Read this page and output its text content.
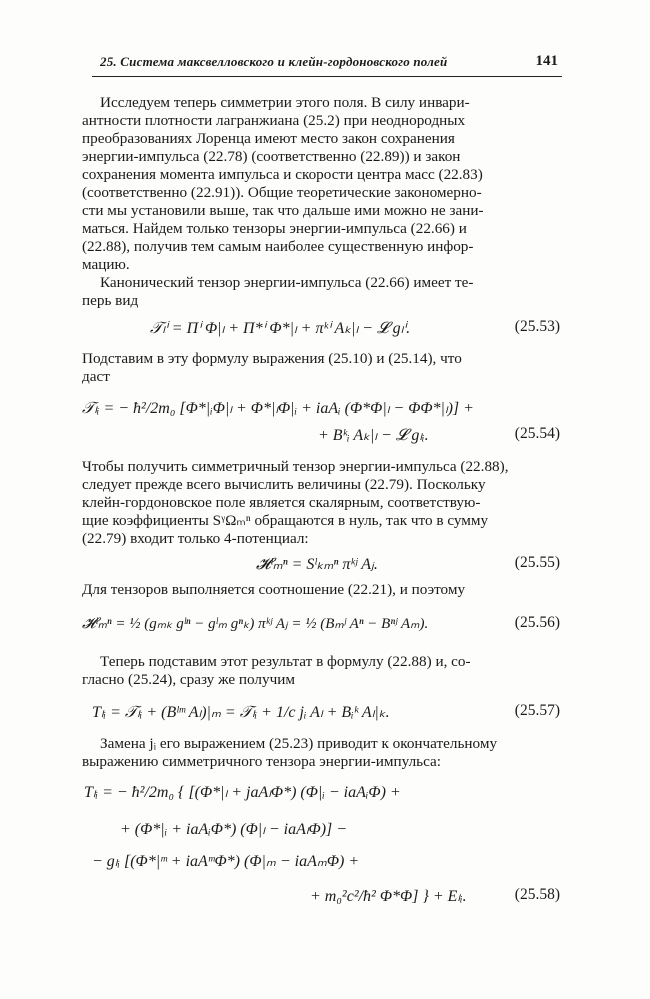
25. Система максвелловского и клейн-гордоновского полей	141
Исследуем теперь симметрии этого поля. В силу инвари-
антности плотности лагранжиана (25.2) при неоднородных
преобразованиях Лоренца имеют место закон сохранения
энергии-импульса (22.78) (соответственно (22.89)) и закон
сохранения момента импульса и скорости центра масс (22.83)
(соответственно (22.91)). Общие теоретические закономерно-
сти мы установили выше, так что дальше ими можно не зани-
маться. Найдем только тензоры энергии-импульса (22.66) и
(22.88), получив тем самым наиболее существенную инфор-
мацию.
Канонический тензор энергии-импульса (22.66) имеет те-
перь вид
𝒯ₗⁱ = Πⁱ Φ|ₗ + Π*ⁱ Φ*|ₗ + πᵏⁱ Aₖ|ₗ − 𝓛 gₗⁱ.	(25.53)
Подставим в эту формулу выражения (25.10) и (25.14), что
даст
𝒯ₗᵢ = − ħ²/2m₀ [Φ*|ᵢΦ|ₗ + Φ*|ₗΦ|ᵢ + iaAᵢ (Φ*Φ|ₗ − ΦΦ*|ₗ)] +
+ Bᵏᵢ Aₖ|ₗ − 𝓛 gₗᵢ.	(25.54)
Чтобы получить симметричный тензор энергии-импульса (22.88),
следует прежде всего вычислить величины (22.79). Поскольку
клейн-гордоновское поле является скалярным, соответствую-
щие коэффициенты SᵞΩₘⁿ обращаются в нуль, так что в сумму
(22.79) входит только 4-потенциал:
𝓗ˡₘⁿ = Sˡₖₘⁿ πᵏʲ Aⱼ.	(25.55)
Для тензоров выполняется соотношение (22.21), и поэтому
𝓗ˡₘⁿ = ½ (gₘₖ gˡⁿ − gˡₘ gⁿₖ) πᵏʲ Aⱼ = ½ (Bₘʲ Aⁿ − Bⁿʲ Aₘ).	(25.56)
Теперь подставим этот результат в формулу (22.88) и, со-
гласно (25.24), сразу же получим
Tₗᵢ = 𝒯ₗᵢ + (Bˡᵐ Aₗ)|ₘ = 𝒯ₗᵢ + 1/c jᵢ Aₗ + Bᵢᵏ Aₗ|ₖ.	(25.57)
Замена jᵢ его выражением (25.23) приводит к окончательному
выражению симметричного тензора энергии-импульса:
Tₗᵢ = − ħ²/2m₀ { [(Φ*|ₗ + jaAₗΦ*) (Φ|ᵢ − iaAᵢΦ) +
+ (Φ*|ᵢ + iaAᵢΦ*) (Φ|ₗ − iaAₗΦ)] −
− gₗᵢ [(Φ*|ᵐ + iaAᵐΦ*) (Φ|ₘ − iaAₘΦ) +
+ m₀²c²/ħ² Φ*Φ] } + Eₗᵢ.	(25.58)
